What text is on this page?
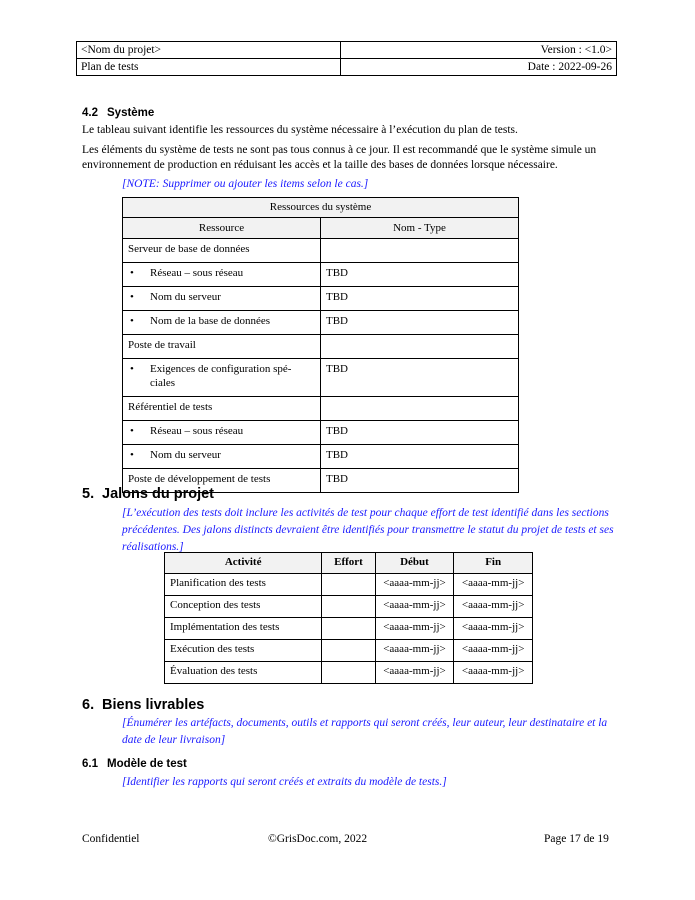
<Nom du projet>	Version : <1.0>
Plan de tests	Date : 2022-09-26
4.2 Système
Le tableau suivant identifie les ressources du système nécessaire à l’exécution du plan de tests.
Les éléments du système de tests ne sont pas tous connus à ce jour. Il est recommandé que le système simule un environnement de production en réduisant les accès et la taille des bases de données lorsque nécessaire.
[NOTE: Supprimer ou ajouter les items selon le cas.]
Ressources du système	
Ressource	Nom - Type
Serveur de base de données	

• Réseau – sous réseau	TBD

• Nom du serveur	TBD

• Nom de la base de données	TBD
Poste de travail	

• Exigences de configuration spé-ciales	TBD
Référentiel de tests	

• Réseau – sous réseau	TBD

• Nom du serveur	TBD
Poste de développement de tests	TBD
5. Jalons du projet
[L’exécution des tests doit inclure les activités de test pour chaque effort de test identifié dans les sections précédentes. Des jalons distincts devraient être identifiés pour transmettre le statut du projet de tests et ses réalisations.]
Activité	Effort	Début	Fin
Planification des tests		<aaaa-mm-jj>	<aaaa-mm-jj>
Conception des tests		<aaaa-mm-jj>	<aaaa-mm-jj>
Implémentation des tests		<aaaa-mm-jj>	<aaaa-mm-jj>
Exécution des tests		<aaaa-mm-jj>	<aaaa-mm-jj>
Évaluation des tests		<aaaa-mm-jj>	<aaaa-mm-jj>
6. Biens livrables
[Énumérer les artéfacts, documents, outils et rapports qui seront créés, leur auteur, leur destinataire et la date de leur livraison]
6.1 Modèle de test
[Identifier les rapports qui seront créés et extraits du modèle de tests.]
Confidentiel	©GrisDoc.com, 2022	Page 17 de 19
